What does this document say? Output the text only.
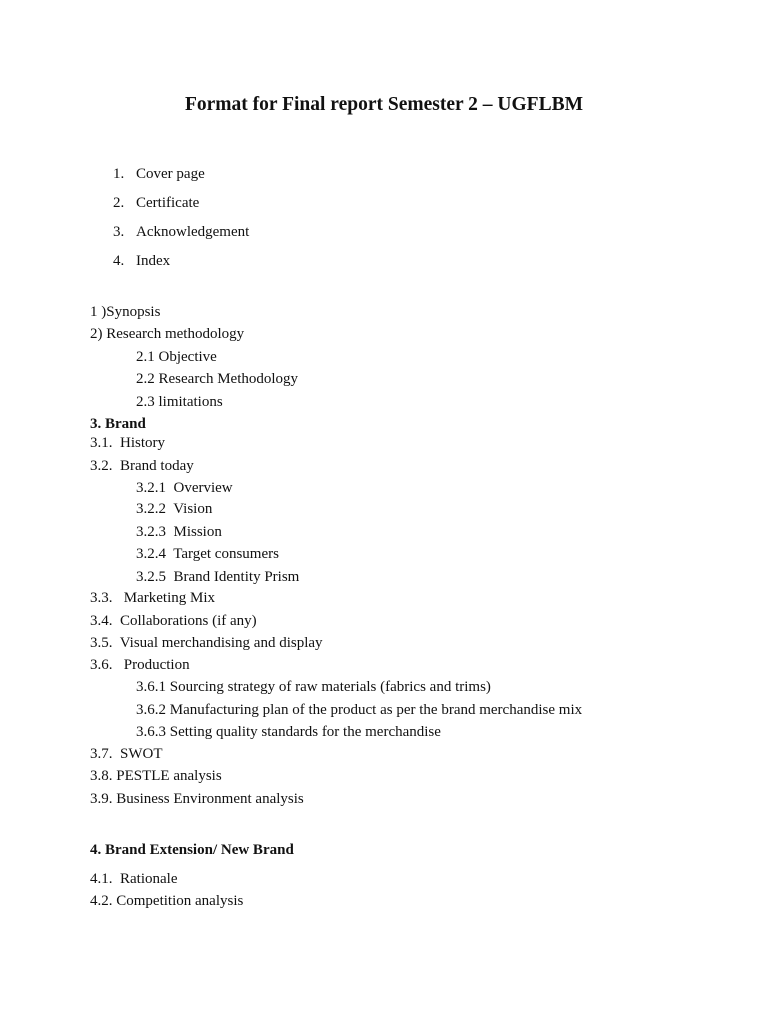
Format for Final report Semester 2 – UGFLBM
1. Cover page
2. Certificate
3. Acknowledgement
4. Index
1 )Synopsis
2) Research methodology
2.1 Objective
2.2 Research Methodology
2.3 limitations
3. Brand
3.1.  History
3.2.  Brand today
3.2.1  Overview
3.2.2  Vision
3.2.3  Mission
3.2.4  Target consumers
3.2.5  Brand Identity Prism
3.3.   Marketing Mix
3.4.  Collaborations (if any)
3.5.  Visual merchandising and display
3.6.   Production
3.6.1 Sourcing strategy of raw materials (fabrics and trims)
3.6.2 Manufacturing plan of the product as per the brand merchandise mix
3.6.3 Setting quality standards for the merchandise
3.7.  SWOT
3.8. PESTLE analysis
3.9. Business Environment analysis
4. Brand Extension/ New Brand
4.1.  Rationale
4.2. Competition analysis
